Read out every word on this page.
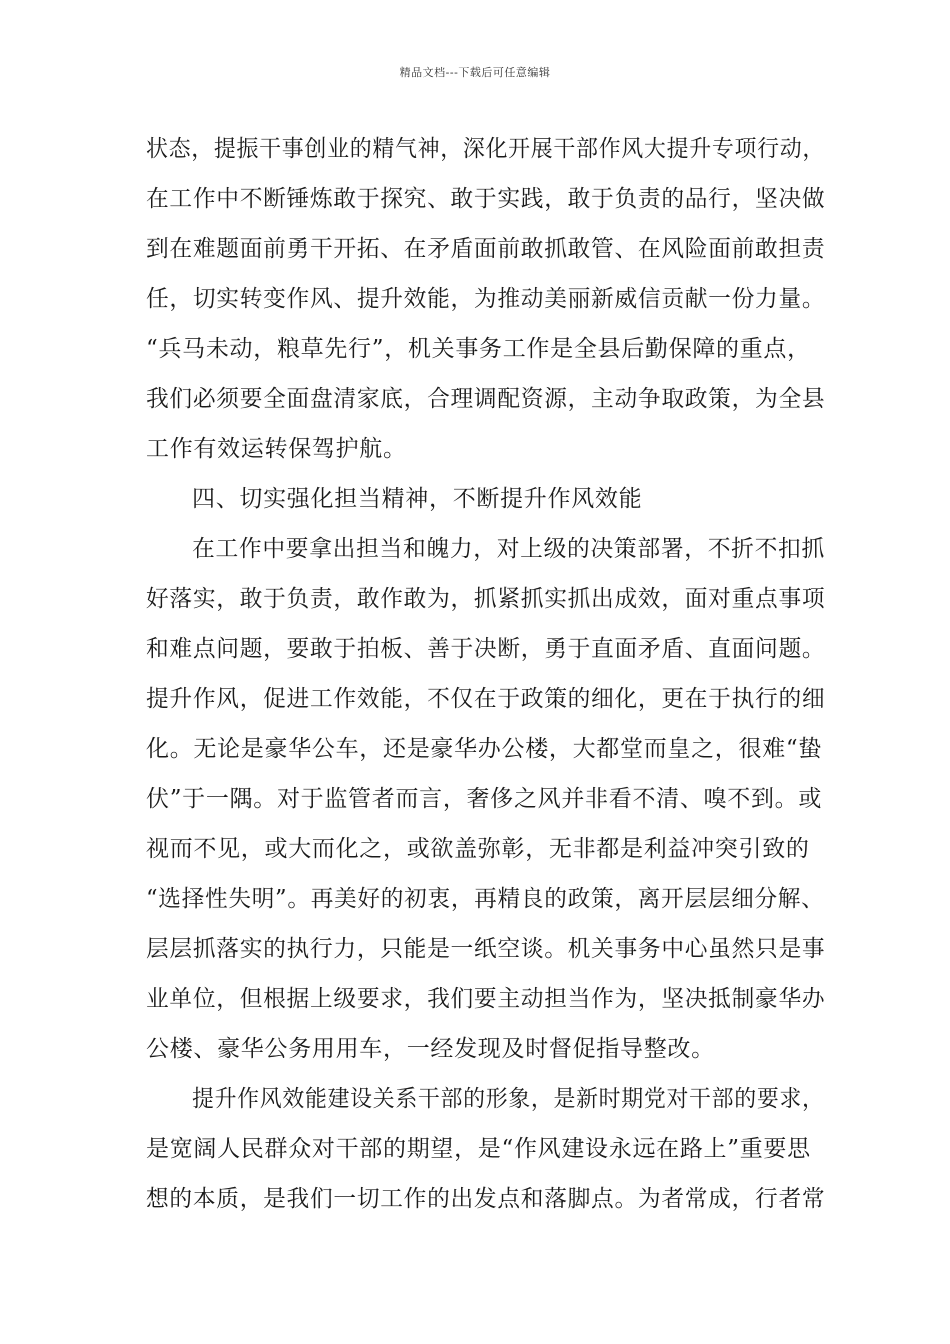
精品文档---下载后可任意编辑
状态，提振干事创业的精气神，深化开展干部作风大提升专项行动，
在工作中不断锤炼敢于探究、敢于实践，敢于负责的品行，坚决做
到在难题面前勇干开拓、在矛盾面前敢抓敢管、在风险面前敢担责
任，切实转变作风、提升效能，为推动美丽新威信贡献一份力量。
“兵马未动，粮草先行”，机关事务工作是全县后勤保障的重点，
我们必须要全面盘清家底，合理调配资源，主动争取政策，为全县
工作有效运转保驾护航。
四、切实强化担当精神，不断提升作风效能
在工作中要拿出担当和魄力，对上级的决策部署，不折不扣抓
好落实，敢于负责，敢作敢为，抓紧抓实抓出成效，面对重点事项
和难点问题，要敢于拍板、善于决断，勇于直面矛盾、直面问题。
提升作风，促进工作效能，不仅在于政策的细化，更在于执行的细
化。无论是豪华公车，还是豪华办公楼，大都堂而皇之，很难“蛰
伏”于一隅。对于监管者而言，奢侈之风并非看不清、嗅不到。或
视而不见，或大而化之，或欲盖弥彰，无非都是利益冲突引致的
“选择性失明”。再美好的初衷，再精良的政策，离开层层细分解、
层层抓落实的执行力，只能是一纸空谈。机关事务中心虽然只是事
业单位，但根据上级要求，我们要主动担当作为，坚决抵制豪华办
公楼、豪华公务用用车，一经发现及时督促指导整改。
提升作风效能建设关系干部的形象，是新时期党对干部的要求，
是宽阔人民群众对干部的期望，是“作风建设永远在路上”重要思
想的本质，是我们一切工作的出发点和落脚点。为者常成，行者常
